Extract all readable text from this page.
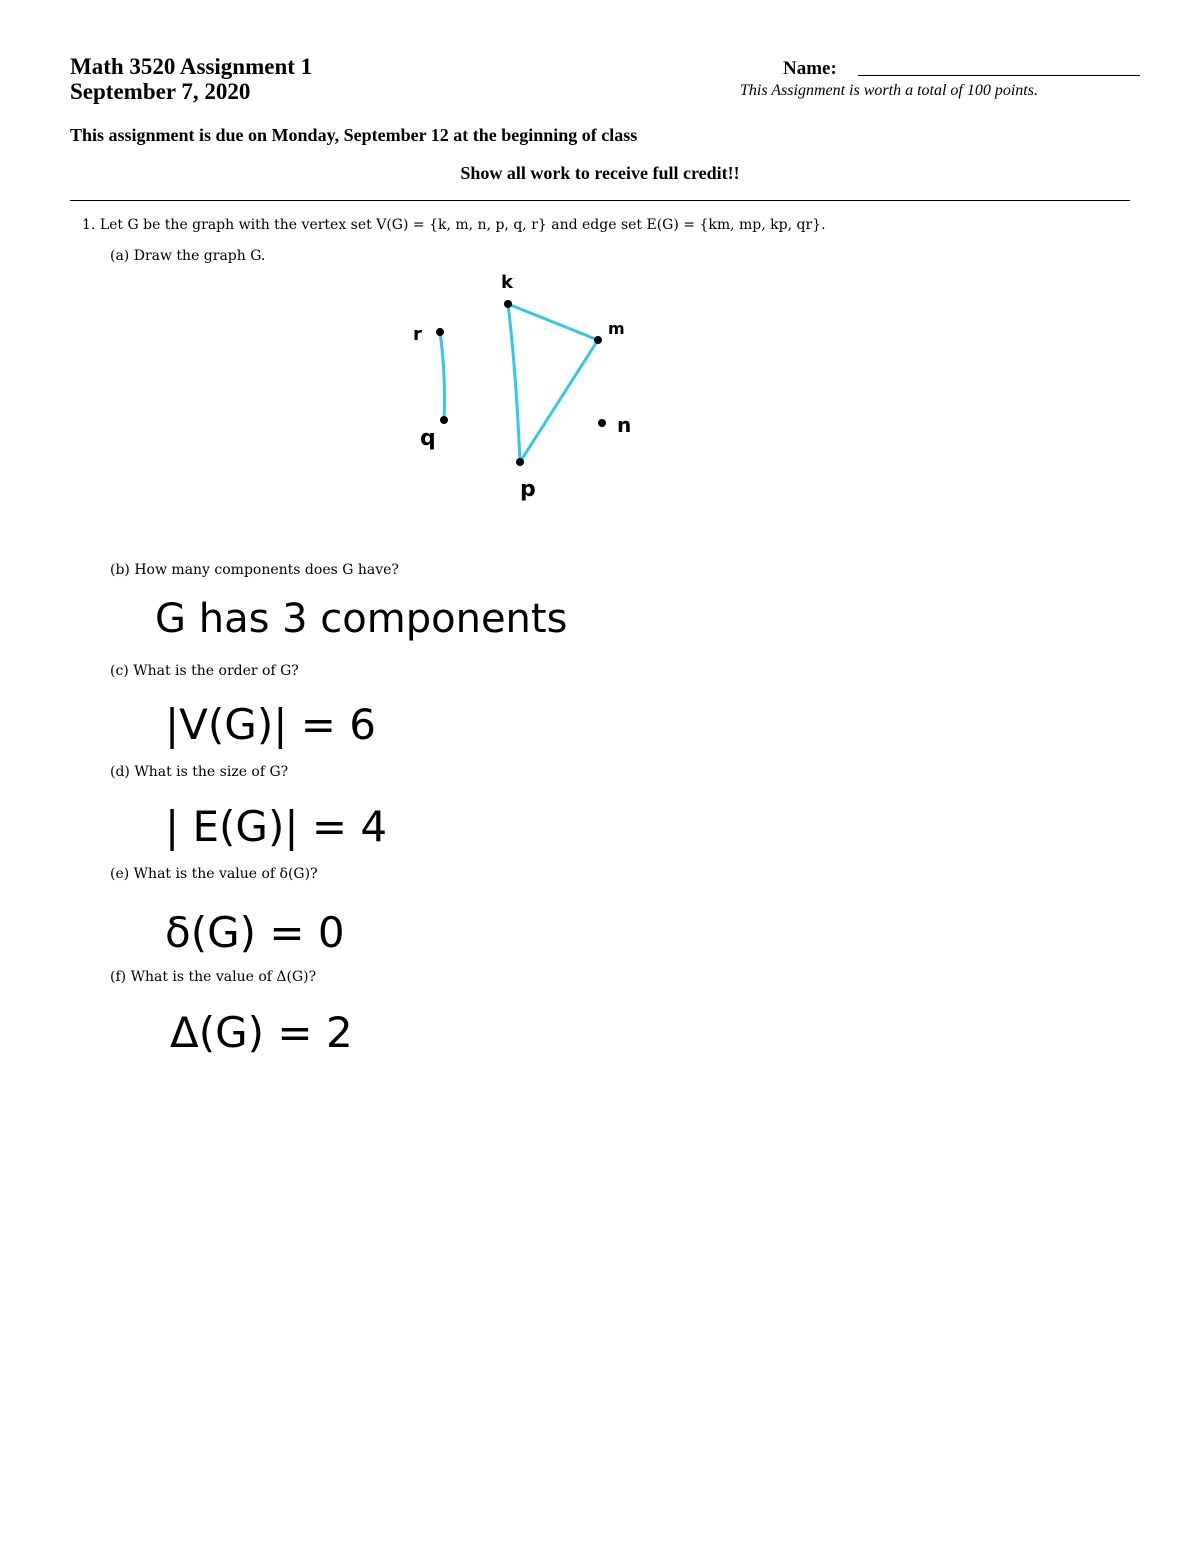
Math 3520 Assignment 1
September 7, 2020
Name:
This Assignment is worth a total of 100 points.
This assignment is due on Monday, September 12 at the beginning of class
Show all work to receive full credit!!
1. Let G be the graph with the vertex set V(G) = {k, m, n, p, q, r} and edge set E(G) = {km, mp, kp, qr}.
(a) Draw the graph G.
k
m
n
p
q
r
(b) How many components does G have?
G has 3 components
(c) What is the order of G?
|V(G)| = 6
(d) What is the size of G?
| E(G)| = 4
(e) What is the value of δ(G)?
δ(G) = 0
(f) What is the value of Δ(G)?
Δ(G) = 2
